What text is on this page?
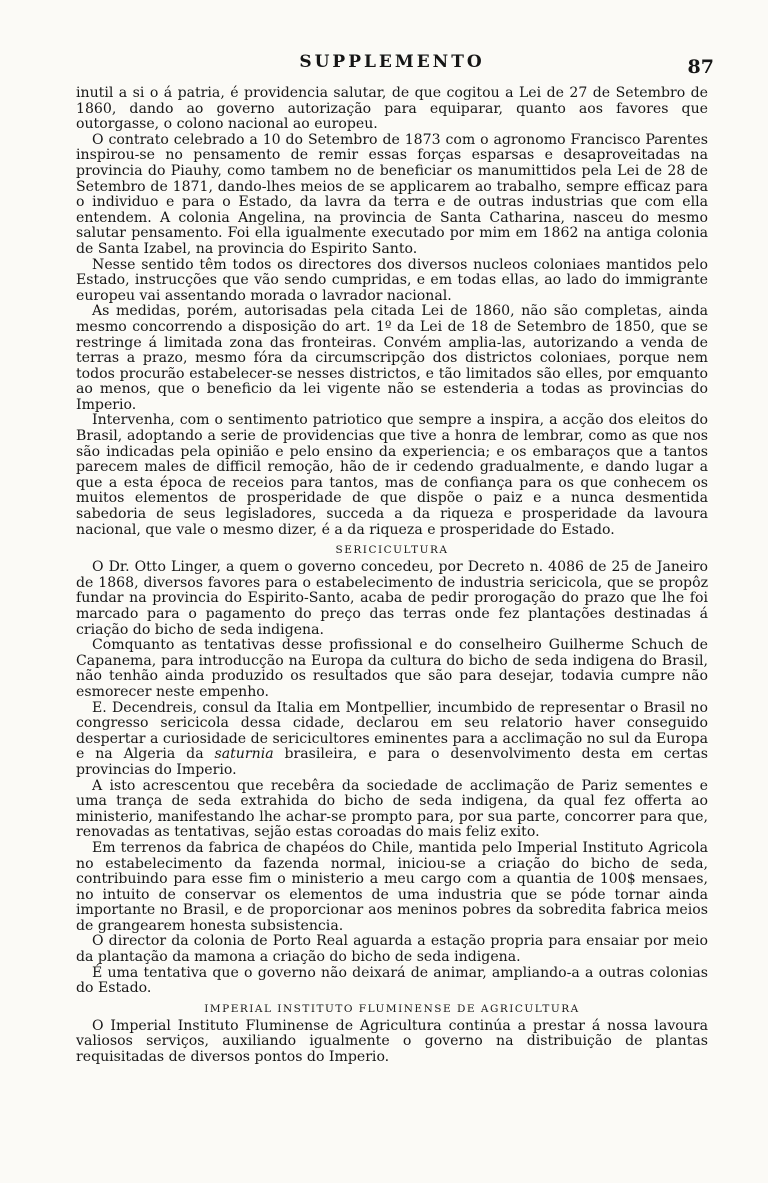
SUPPLEMENTO	87

inutil a si o á patria, é providencia salutar, de que cogitou a Lei de 27 de Setembro de 1860, dando ao governo autorização para equiparar, quanto aos favores que outorgasse, o colono nacional ao europeu.

O contrato celebrado a 10 do Setembro de 1873 com o agronomo Francisco Parentes inspirou-se no pensamento de remir essas forças esparsas e desaproveitadas na provincia do Piauhy, como tambem no de beneficiar os manumittidos pela Lei de 28 de Setembro de 1871, dando-lhes meios de se applicarem ao trabalho, sempre efficaz para o individuo e para o Estado, da lavra da terra e de outras industrias que com ella entendem. A colonia Angelina, na provincia de Santa Catharina, nasceu do mesmo salutar pensamento. Foi ella igualmente executado por mim em 1862 na antiga colonia de Santa Izabel, na provincia do Espirito Santo.

Nesse sentido têm todos os directores dos diversos nucleos coloniaes mantidos pelo Estado, instrucções que vão sendo cumpridas, e em todas ellas, ao lado do immigrante europeu vai assentando morada o lavrador nacional.

As medidas, porém, autorisadas pela citada Lei de 1860, não são completas, ainda mesmo concorrendo a disposição do art. 1º da Lei de 18 de Setembro de 1850, que se restringe á limitada zona das fronteiras. Convém amplia-las, autorizando a venda de terras a prazo, mesmo fóra da circumscripção dos districtos coloniaes, porque nem todos procurão estabelecer-se nesses districtos, e tão limitados são elles, por emquanto ao menos, que o beneficio da lei vigente não se estenderia a todas as provincias do Imperio.

Intervenha, com o sentimento patriotico que sempre a inspira, a acção dos eleitos do Brasil, adoptando a serie de providencias que tive a honra de lembrar, como as que nos são indicadas pela opinião e pelo ensino da experiencia; e os embaraços que a tantos parecem males de difficil remoção, hão de ir cedendo gradualmente, e dando lugar a que a esta época de receios para tantos, mas de confiança para os que conhecem os muitos elementos de prosperidade de que dispõe o paiz e a nunca desmentida sabedoria de seus legisladores, succeda a da riqueza e prosperidade da lavoura nacional, que vale o mesmo dizer, é a da riqueza e prosperidade do Estado.

SERICICULTURA

O Dr. Otto Linger, a quem o governo concedeu, por Decreto n. 4086 de 25 de Janeiro de 1868, diversos favores para o estabelecimento de industria sericicola, que se propôz fundar na provincia do Espirito-Santo, acaba de pedir prorogação do prazo que lhe foi marcado para o pagamento do preço das terras onde fez plantações destinadas á criação do bicho de seda indigena.

Comquanto as tentativas desse profissional e do conselheiro Guilherme Schuch de Capanema, para introducção na Europa da cultura do bicho de seda indigena do Brasil, não tenhão ainda produzido os resultados que são para desejar, todavia cumpre não esmorecer neste empenho.

E. Decendreis, consul da Italia em Montpellier, incumbido de representar o Brasil no congresso sericicola dessa cidade, declarou em seu relatorio haver conseguido despertar a curiosidade de sericicultores eminentes para a acclimação no sul da Europa e na Algeria da saturnia brasileira, e para o desenvolvimento desta em certas provincias do Imperio.

A isto acrescentou que recebêra da sociedade de acclimação de Pariz sementes e uma trança de seda extrahida do bicho de seda indigena, da qual fez offerta ao ministerio, manifestando lhe achar-se prompto para, por sua parte, concorrer para que, renovadas as tentativas, sejão estas coroadas do mais feliz exito.

Em terrenos da fabrica de chapéos do Chile, mantida pelo Imperial Instituto Agricola no estabelecimento da fazenda normal, iniciou-se a criação do bicho de seda, contribuindo para esse fim o ministerio a meu cargo com a quantia de 100$ mensaes, no intuito de conservar os elementos de uma industria que se póde tornar ainda importante no Brasil, e de proporcionar aos meninos pobres da sobredita fabrica meios de grangearem honesta subsistencia.

O director da colonia de Porto Real aguarda a estação propria para ensaiar por meio da plantação da mamona a criação do bicho de seda indigena.

É uma tentativa que o governo não deixará de animar, ampliando-a a outras colonias do Estado.

IMPERIAL INSTITUTO FLUMINENSE DE AGRICULTURA

O Imperial Instituto Fluminense de Agricultura continúa a prestar á nossa lavoura valiosos serviços, auxiliando igualmente o governo na distribuição de plantas requisitadas de diversos pontos do Imperio.
